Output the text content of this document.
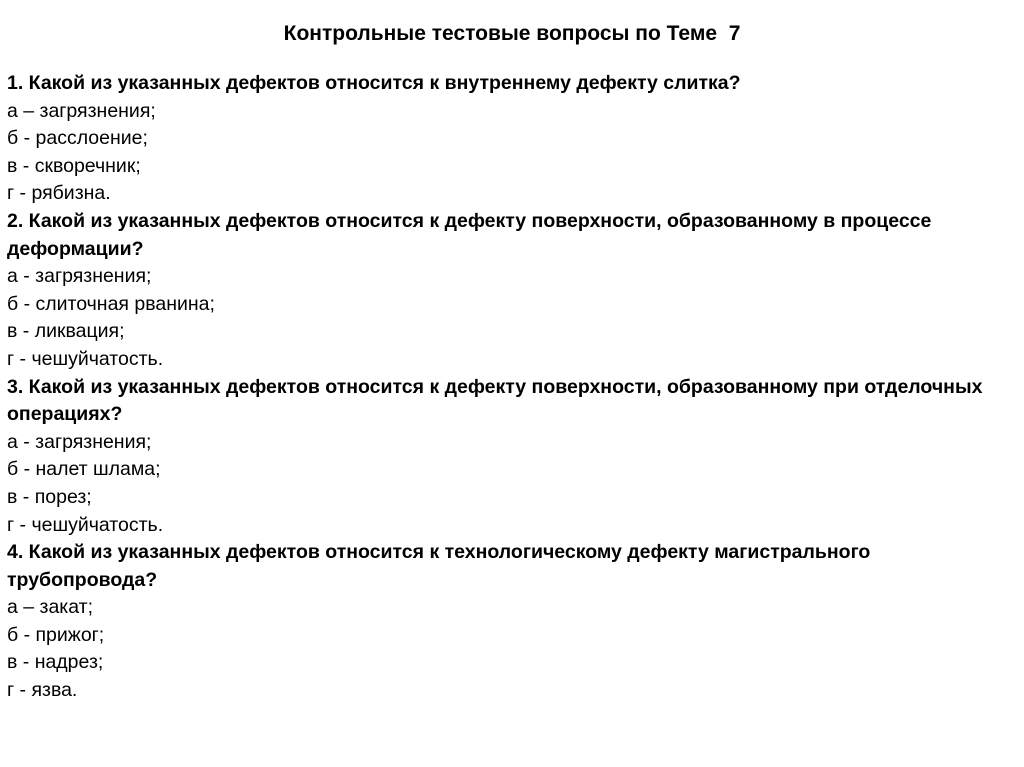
Контрольные тестовые вопросы по Теме  7

1. Какой из указанных дефектов относится к внутреннему дефекту слитка?

а – загрязнения;

б - расслоение;

в - скворечник;

г - рябизна.

2. Какой из указанных дефектов относится к дефекту поверхности, образованному в процессе деформации?

а - загрязнения;

б - слиточная рванина;

в - ликвация;

г - чешуйчатость.

3. Какой из указанных дефектов относится к дефекту поверхности, образованному при отделочных операциях?

а - загрязнения;

б - налет шлама;

в - порез;

г - чешуйчатость.

4. Какой из указанных дефектов относится к технологическому дефекту магистрального трубопровода?

а – закат;

б - прижог;

в - надрез;

г - язва.
